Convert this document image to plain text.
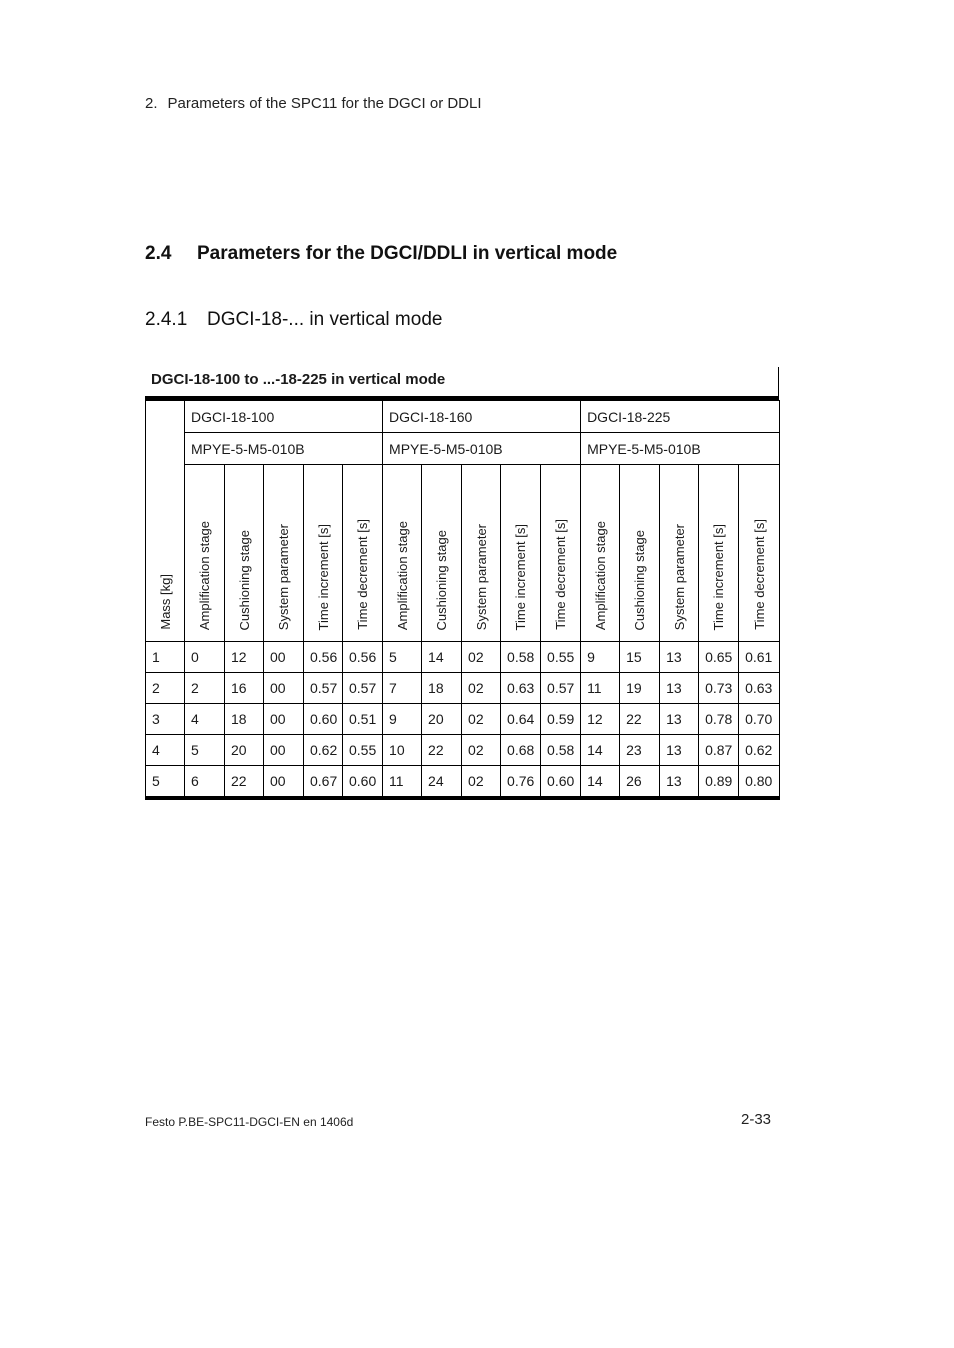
2. Parameters of the SPC11 for the DGCI or DDLI
2.4 Parameters for the DGCI/DDLI in vertical mode
2.4.1 DGCI-18-... in vertical mode
DGCI-18-100 to ...-18-225 in vertical mode
Mass [kg]	DGCI-18-100					DGCI-18-160					DGCI-18-225				
	MPYE-5-M5-010B					MPYE-5-M5-010B					MPYE-5-M5-010B				
	Amplification stage	Cushioning stage	System parameter	Time increment [s]	Time decrement [s]	Amplification stage	Cushioning stage	System parameter	Time increment [s]	Time decrement [s]	Amplification stage	Cushioning stage	System parameter	Time increment [s]	Time decrement [s]
1	0	12	00	0.56	0.56	5	14	02	0.58	0.55	9	15	13	0.65	0.61
2	2	16	00	0.57	0.57	7	18	02	0.63	0.57	11	19	13	0.73	0.63
3	4	18	00	0.60	0.51	9	20	02	0.64	0.59	12	22	13	0.78	0.70
4	5	20	00	0.62	0.55	10	22	02	0.68	0.58	14	23	13	0.87	0.62
5	6	22	00	0.67	0.60	11	24	02	0.76	0.60	14	26	13	0.89	0.80
Festo P.BE-SPC11-DGCI-EN en 1406d	2-33
